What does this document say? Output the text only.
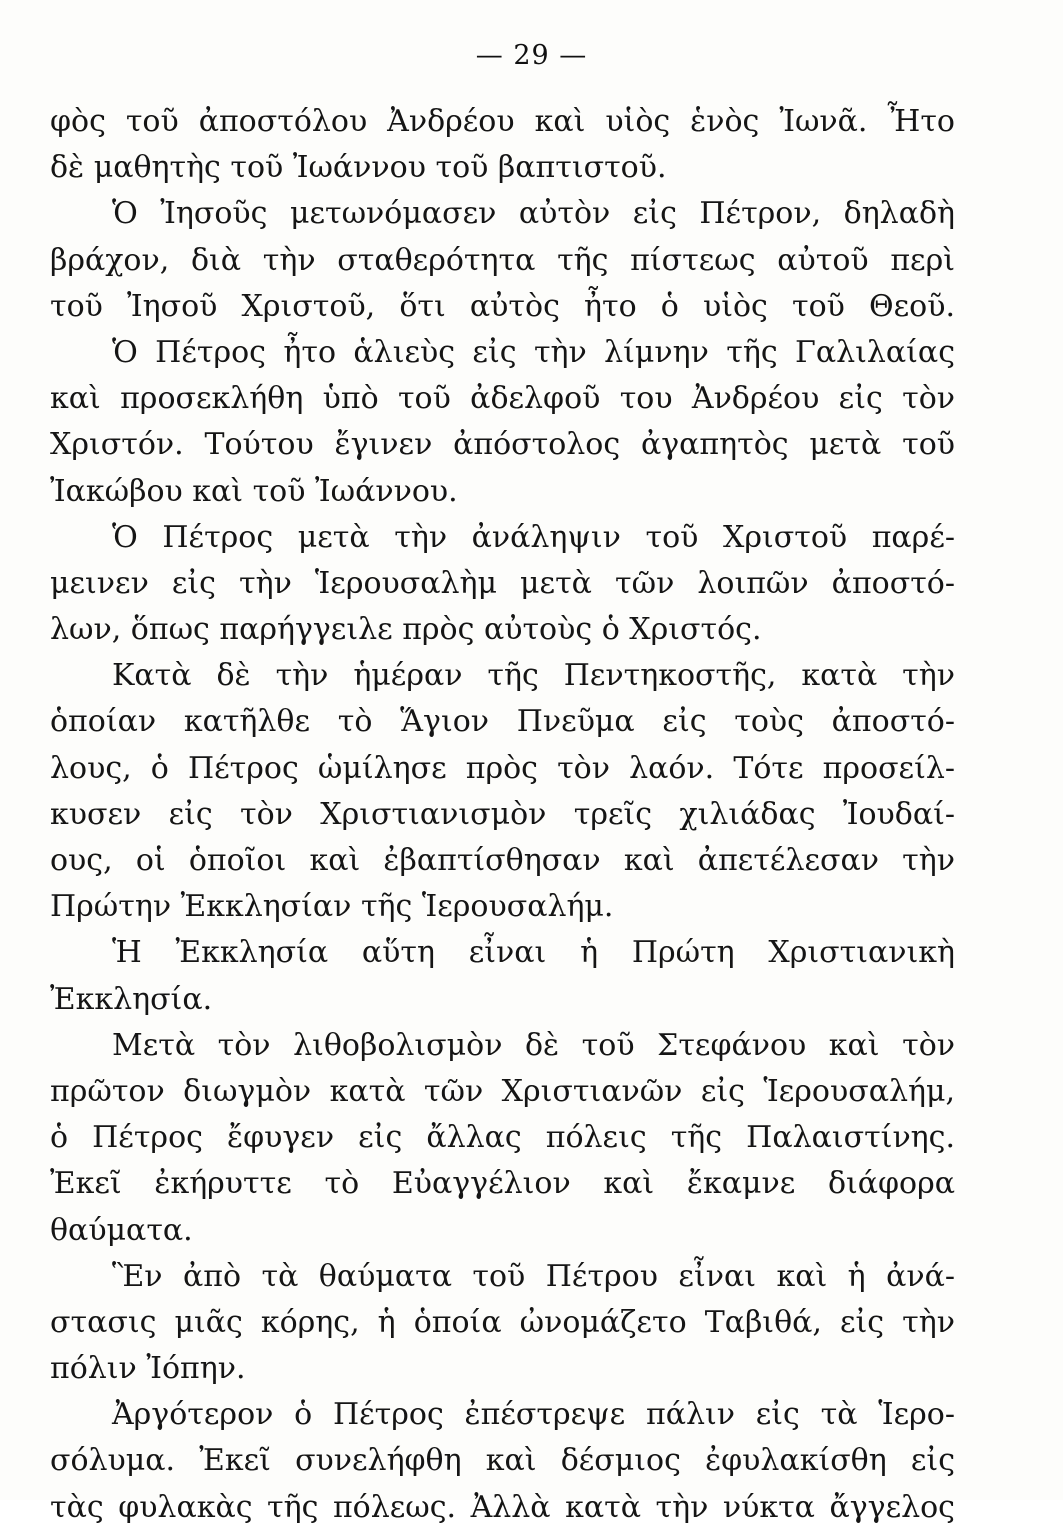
— 29 —
φὸς τοῦ ἀποστόλου Ἀνδρέου καὶ υἱὸς ἑνὸς Ἰωνᾶ. Ἦτο
δὲ μαθητὴς τοῦ Ἰωάννου τοῦ βαπτιστοῦ.
Ὁ Ἰησοῦς μετωνόμασεν αὐτὸν εἰς Πέτρον, δηλαδὴ
βράχον, διὰ τὴν σταθερότητα τῆς πίστεως αὐτοῦ περὶ
τοῦ Ἰησοῦ Χριστοῦ, ὅτι αὐτὸς ἦτο ὁ υἱὸς τοῦ Θεοῦ.
Ὁ Πέτρος ἦτο ἁλιεὺς εἰς τὴν λίμνην τῆς Γαλιλαίας
καὶ προσεκλήθη ὑπὸ τοῦ ἀδελφοῦ του Ἀνδρέου εἰς τὸν
Χριστόν. Τούτου ἔγινεν ἀπόστολος ἀγαπητὸς μετὰ τοῦ
Ἰακώβου καὶ τοῦ Ἰωάννου.
Ὁ Πέτρος μετὰ τὴν ἀνάληψιν τοῦ Χριστοῦ παρέ-
μεινεν εἰς τὴν Ἱερουσαλὴμ μετὰ τῶν λοιπῶν ἀποστό-
λων, ὅπως παρήγγειλε πρὸς αὐτοὺς ὁ Χριστός.
Κατὰ δὲ τὴν ἡμέραν τῆς Πεντηκοστῆς, κατὰ τὴν
ὁποίαν κατῆλθε τὸ Ἅγιον Πνεῦμα εἰς τοὺς ἀποστό-
λους, ὁ Πέτρος ὡμίλησε πρὸς τὸν λαόν. Τότε προσείλ-
κυσεν εἰς τὸν Χριστιανισμὸν τρεῖς χιλιάδας Ἰουδαί-
ους, οἱ ὁποῖοι καὶ ἐβαπτίσθησαν καὶ ἀπετέλεσαν τὴν
Πρώτην Ἐκκλησίαν τῆς Ἱερουσαλήμ.
Ἡ Ἐκκλησία αὕτη εἶναι ἡ Πρώτη Χριστιανικὴ
Ἐκκλησία.
Μετὰ τὸν λιθοβολισμὸν δὲ τοῦ Στεφάνου καὶ τὸν
πρῶτον διωγμὸν κατὰ τῶν Χριστιανῶν εἰς Ἱερουσαλήμ,
ὁ Πέτρος ἔφυγεν εἰς ἄλλας πόλεις τῆς Παλαιστίνης.
Ἐκεῖ ἐκήρυττε τὸ Εὐαγγέλιον καὶ ἔκαμνε διάφορα
θαύματα.
Ἓν ἀπὸ τὰ θαύματα τοῦ Πέτρου εἶναι καὶ ἡ ἀνά-
στασις μιᾶς κόρης, ἡ ὁποία ὠνομάζετο Ταβιθά, εἰς τὴν
πόλιν Ἰόπην.
Ἀργότερον ὁ Πέτρος ἐπέστρεψε πάλιν εἰς τὰ Ἱερο-
σόλυμα. Ἐκεῖ συνελήφθη καὶ δέσμιος ἐφυλακίσθη εἰς
τὰς φυλακὰς τῆς πόλεως. Ἀλλὰ κατὰ τὴν νύκτα ἄγγελος
